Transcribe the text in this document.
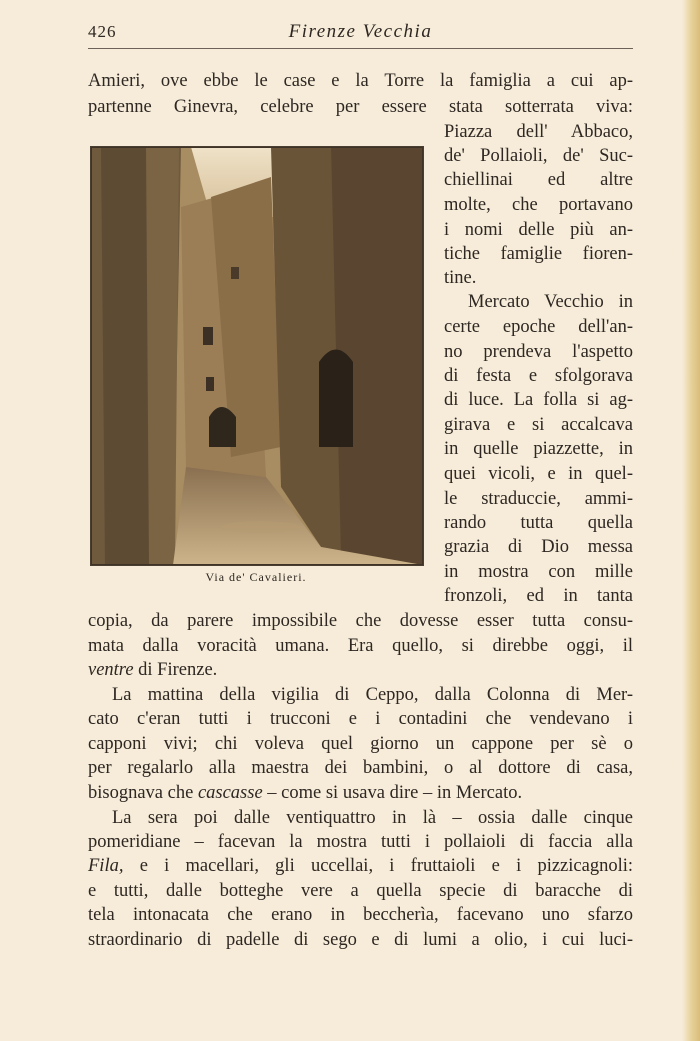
426	Firenze Vecchia
Amieri, ove ebbe le case e la Torre la famiglia a cui ap-
partenne Ginevra, celebre per essere stata sotterrata viva:
Piazza dell' Abbaco,
de' Pollaioli, de' Suc-
chiellinai ed altre
molte, che portavano
i nomi delle più an-
tiche famiglie fioren-
tine.
Mercato Vecchio in
certe epoche dell'an-
no prendeva l'aspetto
di festa e sfolgorava
di luce. La folla si ag-
girava e si accalcava
in quelle piazzette, in
quei vicoli, e in quel-
le straduccie, ammi-
rando tutta quella
grazia di Dio messa
in mostra con mille
fronzoli, ed in tanta
Via de' Cavalieri.
copia, da parere impossibile che dovesse esser tutta consu-
mata dalla voracità umana. Era quello, si direbbe oggi, il
ventre di Firenze.
La mattina della vigilia di Ceppo, dalla Colonna di Mer-
cato c'eran tutti i trucconi e i contadini che vendevano i
capponi vivi; chi voleva quel giorno un cappone per sè o
per regalarlo alla maestra dei bambini, o al dottore di casa,
bisognava che cascasse – come si usava dire – in Mercato.
La sera poi dalle ventiquattro in là – ossia dalle cinque
pomeridiane – facevan la mostra tutti i pollaioli di faccia alla
Fila, e i macellari, gli uccellai, i fruttaioli e i pizzicagnoli:
e tutti, dalle botteghe vere a quella specie di baracche di
tela intonacata che erano in beccherìa, facevano uno sfarzo
straordinario di padelle di sego e di lumi a olio, i cui luci-
